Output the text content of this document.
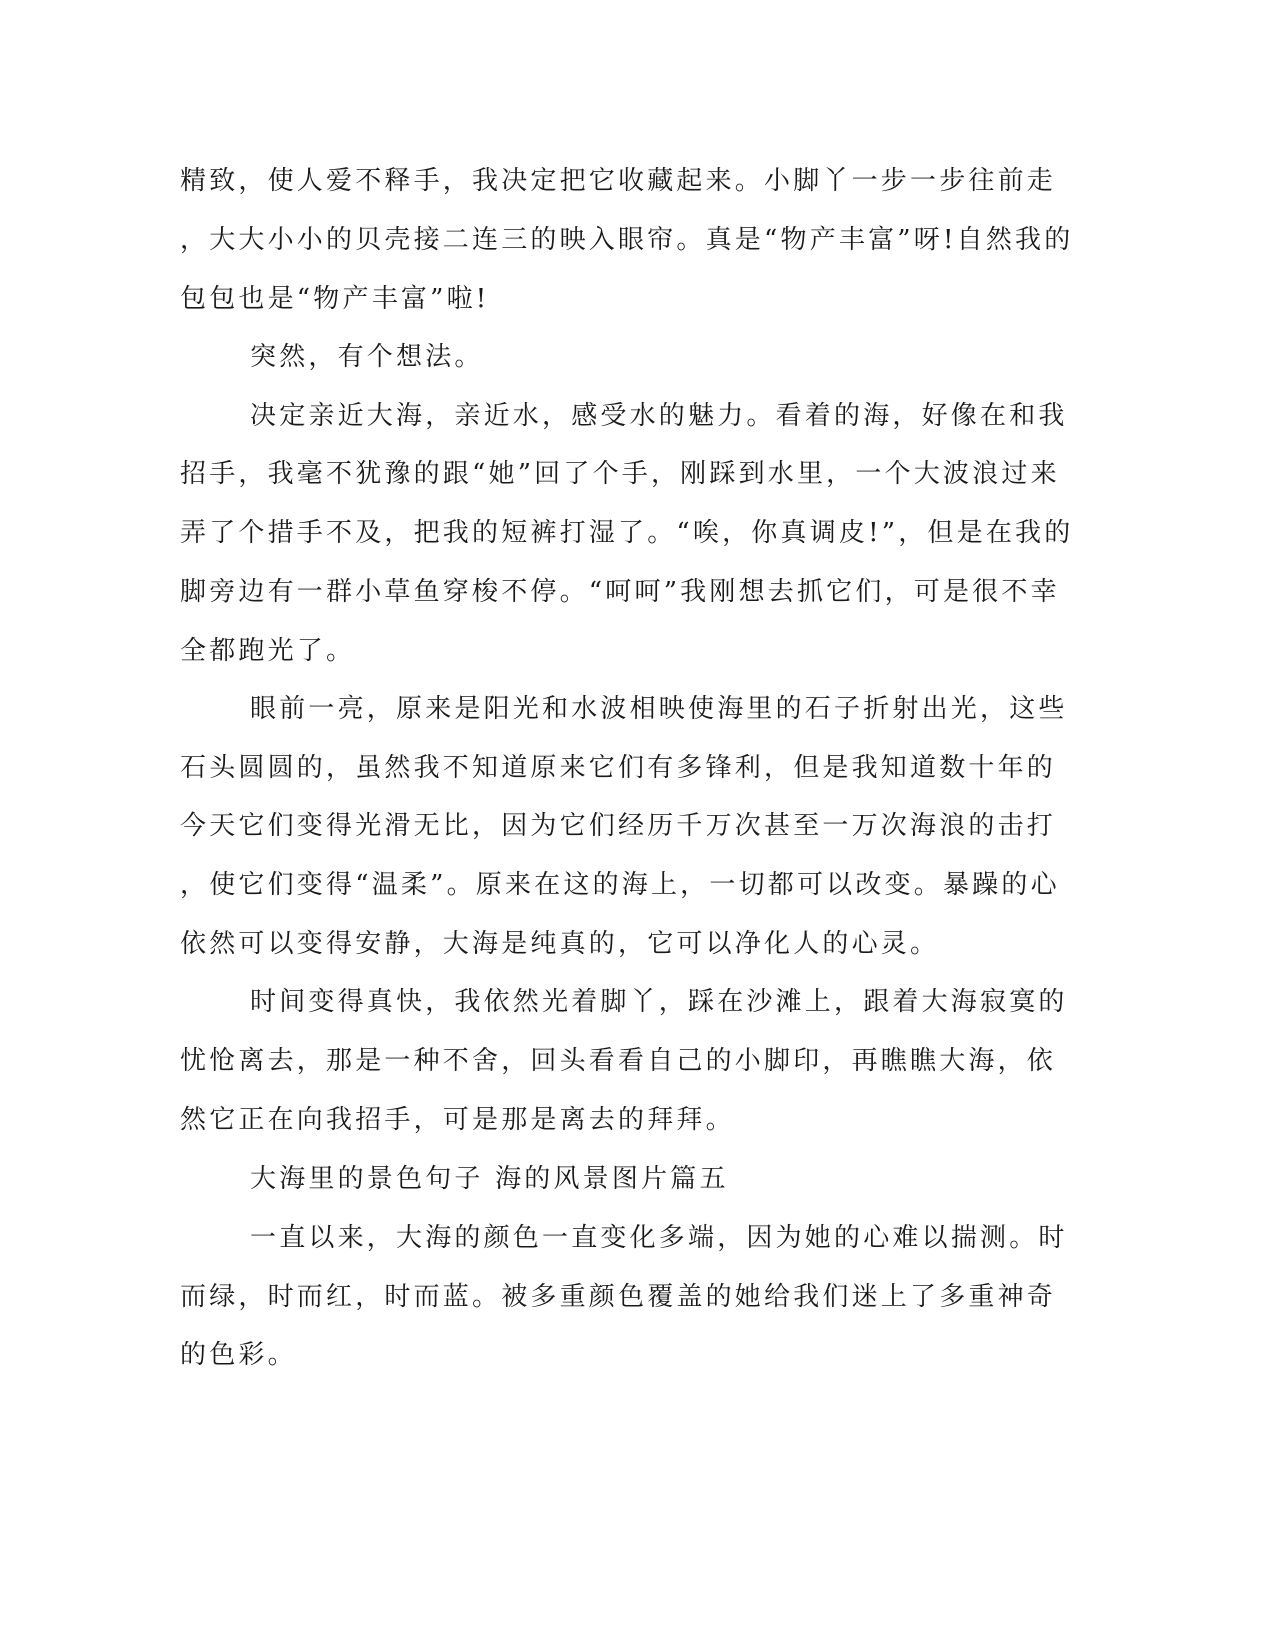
精致，使人爱不释手，我决定把它收藏起来。小脚丫一步一步往前走
，大大小小的贝壳接二连三的映入眼帘。真是“物产丰富”呀!自然我的
包包也是“物产丰富”啦!
突然，有个想法。
决定亲近大海，亲近水，感受水的魅力。看着的海，好像在和我
招手，我毫不犹豫的跟“她”回了个手，刚踩到水里，一个大波浪过来
弄了个措手不及，把我的短裤打湿了。“唉，你真调皮!”，但是在我的
脚旁边有一群小草鱼穿梭不停。“呵呵”我刚想去抓它们，可是很不幸
全都跑光了。
眼前一亮，原来是阳光和水波相映使海里的石子折射出光，这些
石头圆圆的，虽然我不知道原来它们有多锋利，但是我知道数十年的
今天它们变得光滑无比，因为它们经历千万次甚至一万次海浪的击打
，使它们变得“温柔”。原来在这的海上，一切都可以改变。暴躁的心
依然可以变得安静，大海是纯真的，它可以净化人的心灵。
时间变得真快，我依然光着脚丫，踩在沙滩上，跟着大海寂寞的
忧怆离去，那是一种不舍，回头看看自己的小脚印，再瞧瞧大海，依
然它正在向我招手，可是那是离去的拜拜。
大海里的景色句子 海的风景图片篇五
一直以来，大海的颜色一直变化多端，因为她的心难以揣测。时
而绿，时而红，时而蓝。被多重颜色覆盖的她给我们迷上了多重神奇
的色彩。
